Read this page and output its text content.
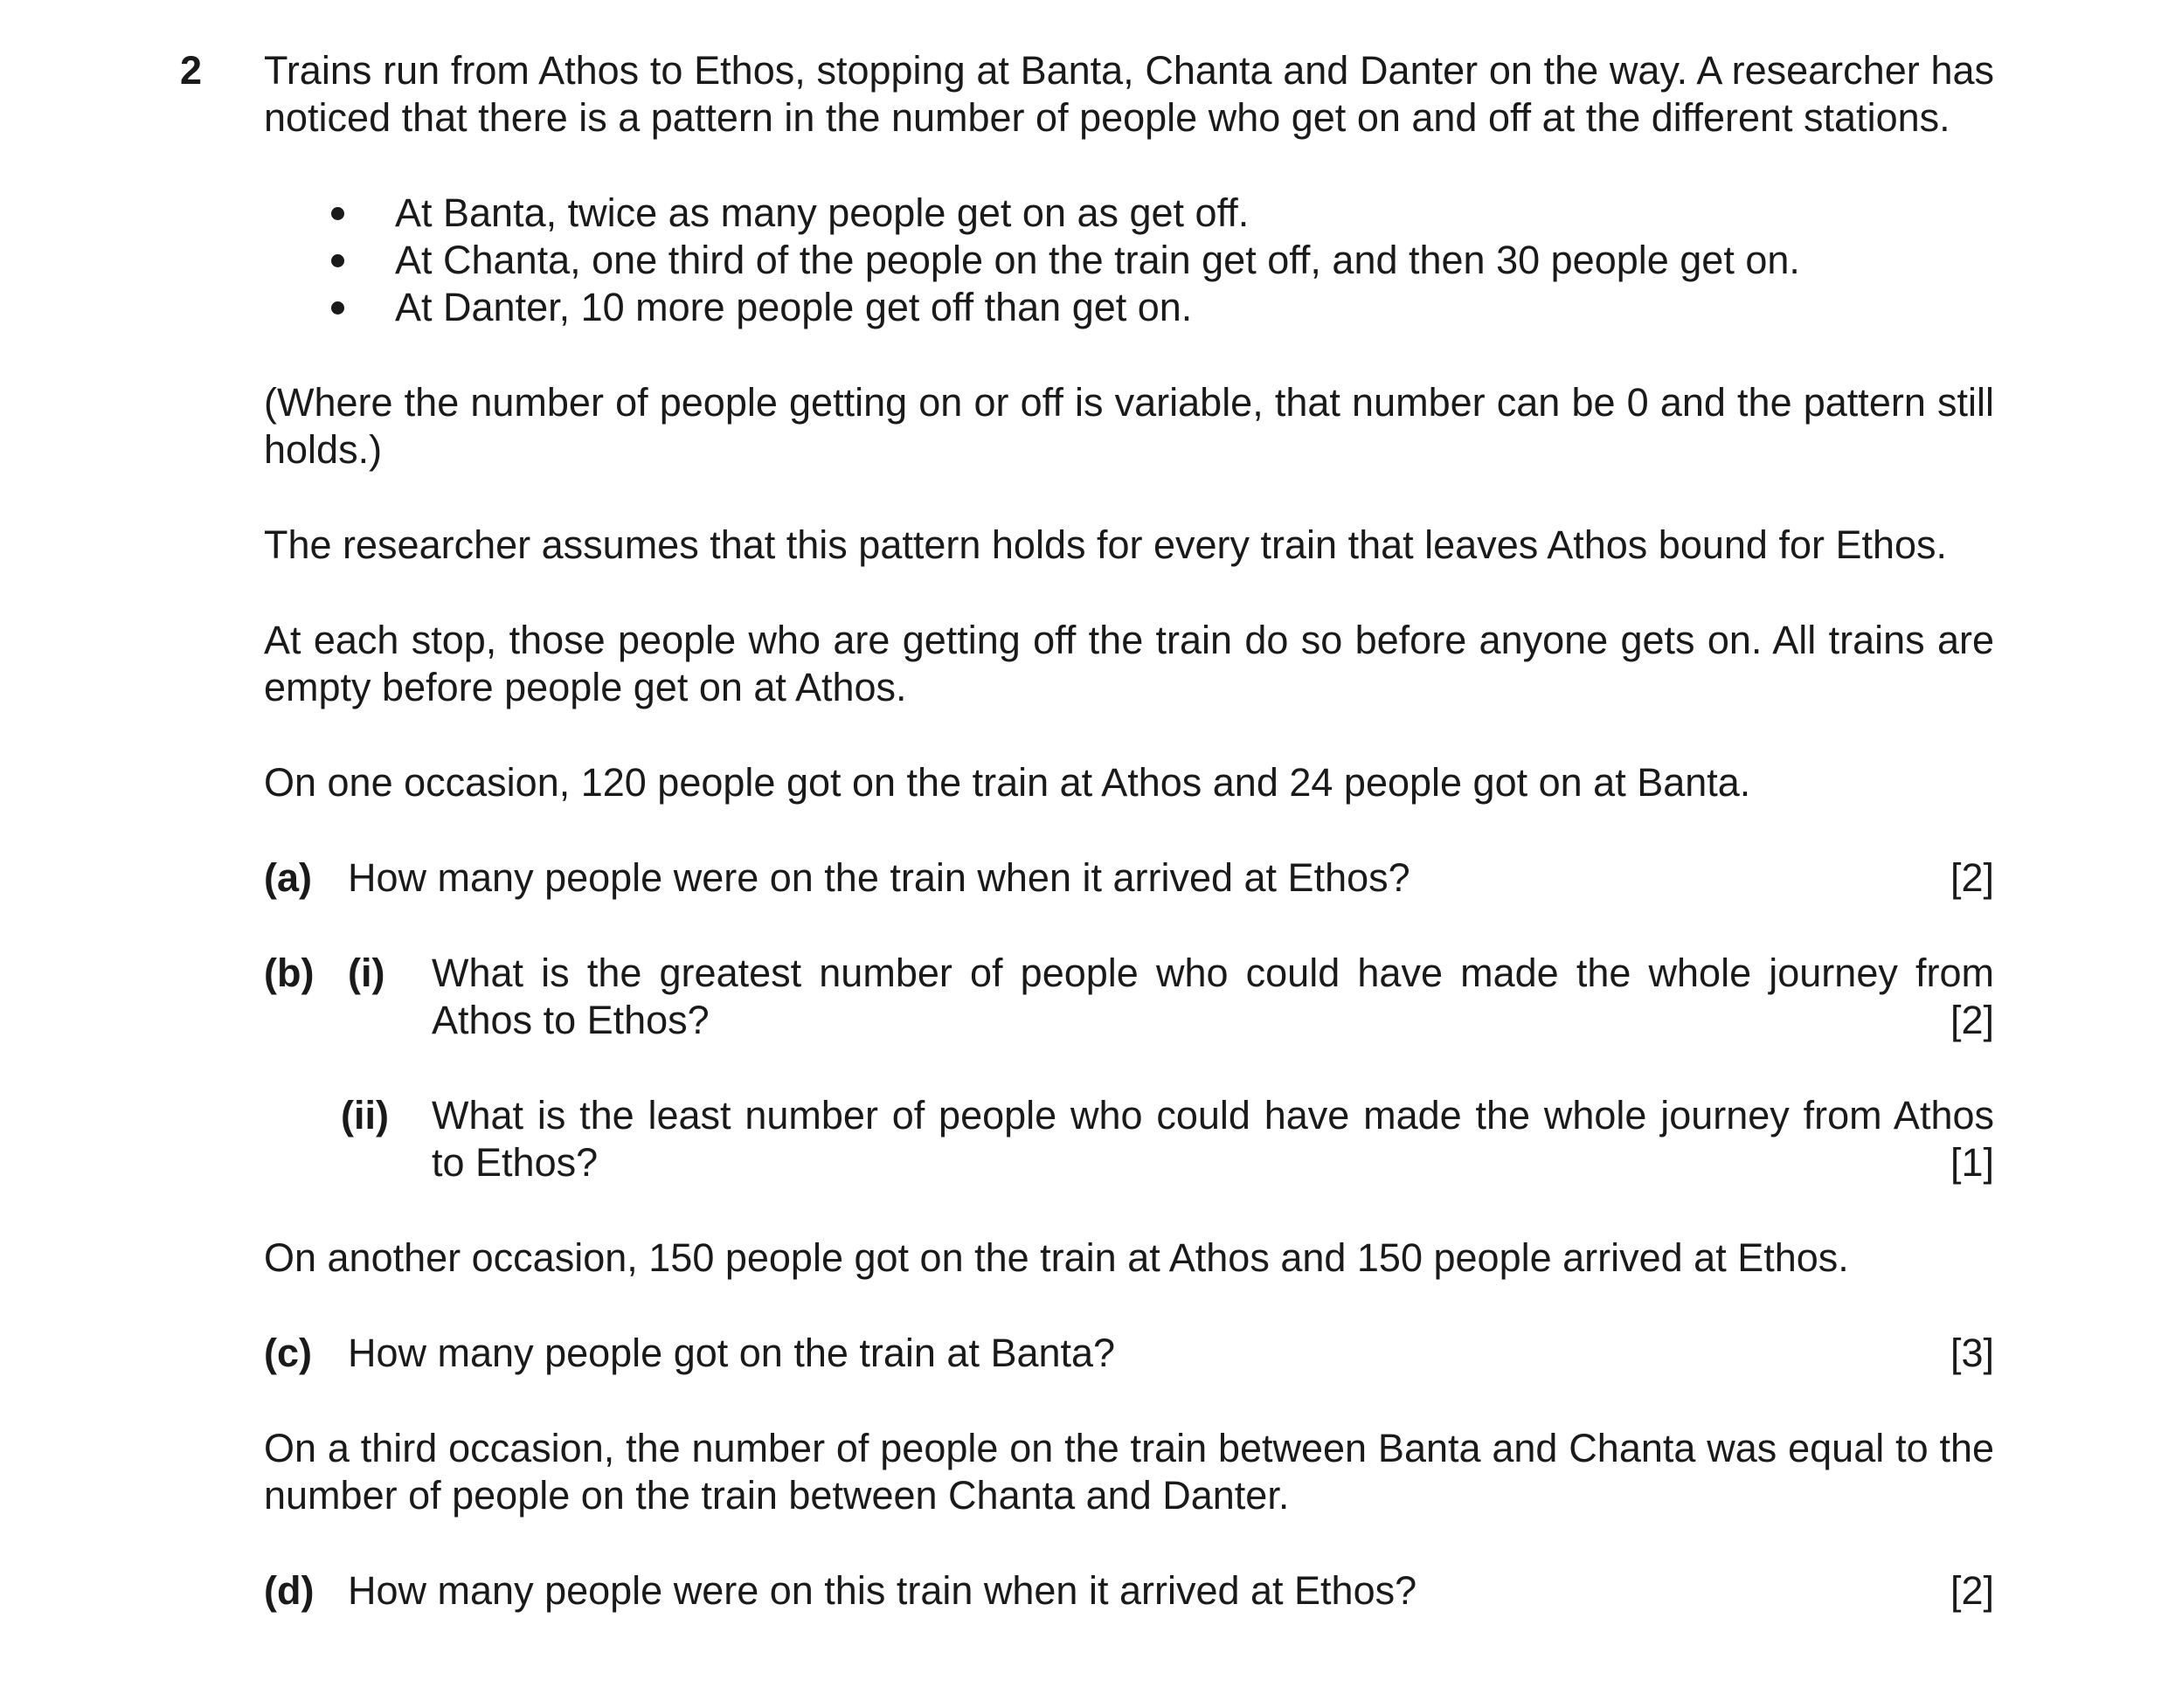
2 Trains run from Athos to Ethos, stopping at Banta, Chanta and Danter on the way. A researcher has noticed that there is a pattern in the number of people who get on and off at the different stations.

At Banta, twice as many people get on as get off.
At Chanta, one third of the people on the train get off, and then 30 people get on.
At Danter, 10 more people get off than get on.

(Where the number of people getting on or off is variable, that number can be 0 and the pattern still holds.)

The researcher assumes that this pattern holds for every train that leaves Athos bound for Ethos.

At each stop, those people who are getting off the train do so before anyone gets on. All trains are empty before people get on at Athos.

On one occasion, 120 people got on the train at Athos and 24 people got on at Banta.

(a) How many people were on the train when it arrived at Ethos?	[2]
(b) (i)	What is the greatest number of people who could have made the whole journey from
Athos to Ethos?	[2]
(ii)	What is the least number of people who could have made the whole journey from Athos
to Ethos?	[1]

On another occasion, 150 people got on the train at Athos and 150 people arrived at Ethos.

(c) How many people got on the train at Banta?	[3]

On a third occasion, the number of people on the train between Banta and Chanta was equal to the number of people on the train between Chanta and Danter.

(d) How many people were on this train when it arrived at Ethos?	[2]
